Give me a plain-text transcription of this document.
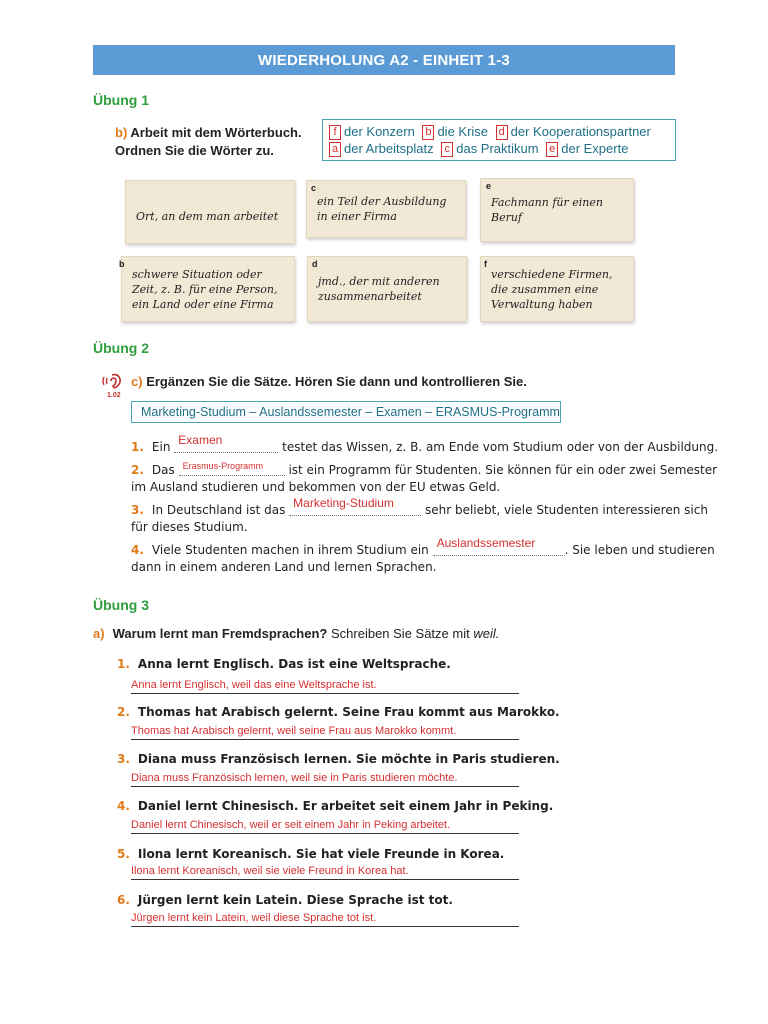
WIEDERHOLUNG A2 - EINHEIT 1-3
Übung 1
b) Arbeit mit dem Wörterbuch.
Ordnen Sie die Wörter zu.
f der Konzern b die Krise d der Kooperationspartner
a der Arbeitsplatz c das Praktikum e der Experte
Ort, an dem man arbeitet
ein Teil der Ausbildung in einer Firma
c
Fachmann für einen Beruf
e
schwere Situation oder Zeit, z. B. für eine Person, ein Land oder eine Firma
b
jmd., der mit anderen zusammenarbeitet
d
verschiedene Firmen, die zusammen eine Verwaltung haben
f
Übung 2
1.02
c) Ergänzen Sie die Sätze. Hören Sie dann und kontrollieren Sie.
Marketing-Studium – Auslandssemester – Examen – ERASMUS-Programm
1. Ein Examen	testet das Wissen, z. B. am Ende vom Studium oder von der Ausbildung.
2. Das Erasmus-Programm ist ein Programm für Studenten. Sie können für ein oder zwei Semester
im Ausland studieren und bekommen von der EU etwas Geld.
3. In Deutschland ist das Marketing-Studium	sehr beliebt, viele Studenten interessieren sich
für dieses Studium.
4. Viele Studenten machen in ihrem Studium ein Auslandssemester . Sie leben und studieren
dann in einem anderen Land und lernen Sprachen.
Übung 3
a) Warum lernt man Fremdsprachen? Schreiben Sie Sätze mit weil.
1. Anna lernt Englisch. Das ist eine Weltsprache.
Anna lernt Englisch, weil das eine Weltsprache ist.
2. Thomas hat Arabisch gelernt. Seine Frau kommt aus Marokko.
Thomas hat Arabisch gelernt, weil seine Frau aus Marokko kommt.
3. Diana muss Französisch lernen. Sie möchte in Paris studieren.
Diana muss Französisch lernen, weil sie in Paris studieren möchte.
4. Daniel lernt Chinesisch. Er arbeitet seit einem Jahr in Peking.
Daniel lernt Chinesisch, weil er seit einem Jahr in Peking arbeitet.
5. Ilona lernt Koreanisch. Sie hat viele Freunde in Korea.
Ilona lernt Koreanisch, weil sie viele Freund in Korea hat.
6. Jürgen lernt kein Latein. Diese Sprache ist tot.
Jürgen lernt kein Latein, weil diese Sprache tot ist.
